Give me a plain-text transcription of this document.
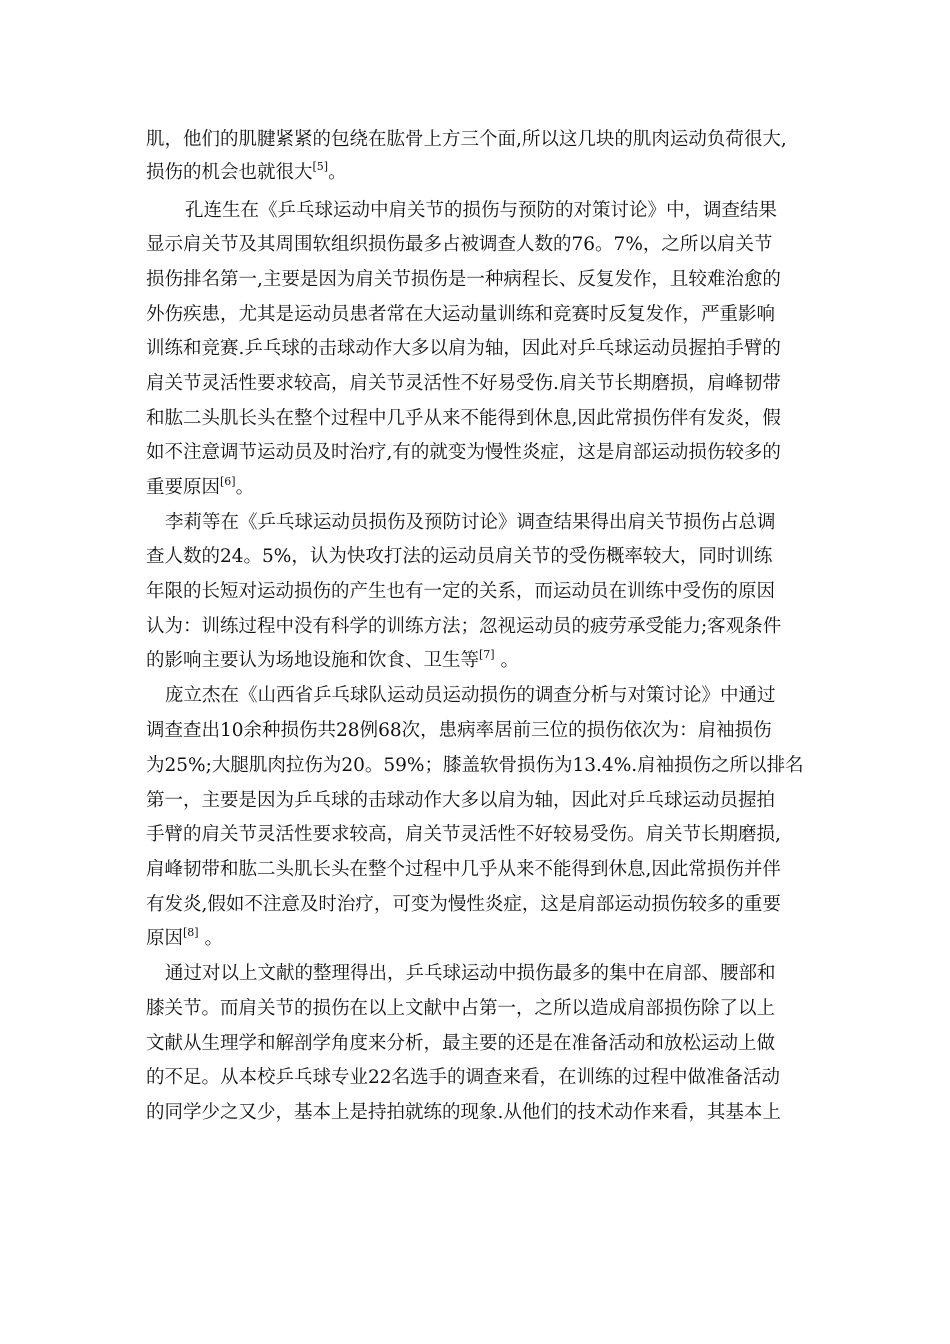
肌，他们的肌腱紧紧的包绕在肱骨上方三个面,所以这几块的肌肉运动负荷很大,

损伤的机会也就很大[5]。

孔连生在《乒乓球运动中肩关节的损伤与预防的对策讨论》中，调查结果

显示肩关节及其周围软组织损伤最多占被调查人数的76。7%，之所以肩关节

损伤排名第一,主要是因为肩关节损伤是一种病程长、反复发作，且较难治愈的

外伤疾患，尤其是运动员患者常在大运动量训练和竞赛时反复发作，严重影响

训练和竞赛.乒乓球的击球动作大多以肩为轴，因此对乒乓球运动员握拍手臂的

肩关节灵活性要求较高，肩关节灵活性不好易受伤.肩关节长期磨损，肩峰韧带

和肱二头肌长头在整个过程中几乎从来不能得到休息,因此常损伤伴有发炎，假

如不注意调节运动员及时治疗,有的就变为慢性炎症，这是肩部运动损伤较多的

重要原因[6]。

李莉等在《乒乓球运动员损伤及预防讨论》调查结果得出肩关节损伤占总调

查人数的24。5%，认为快攻打法的运动员肩关节的受伤概率较大，同时训练

年限的长短对运动损伤的产生也有一定的关系，而运动员在训练中受伤的原因

认为：训练过程中没有科学的训练方法；忽视运动员的疲劳承受能力;客观条件

的影响主要认为场地设施和饮食、卫生等[7] 。

庞立杰在《山西省乒乓球队运动员运动损伤的调查分析与对策讨论》中通过

调查查出10余种损伤共28例68次，患病率居前三位的损伤依次为：肩袖损伤

为25%;大腿肌肉拉伤为20。59%；膝盖软骨损伤为13.4%.肩袖损伤之所以排名

第一，主要是因为乒乓球的击球动作大多以肩为轴，因此对乒乓球运动员握拍

手臂的肩关节灵活性要求较高，肩关节灵活性不好较易受伤。肩关节长期磨损,

肩峰韧带和肱二头肌长头在整个过程中几乎从来不能得到休息,因此常损伤并伴

有发炎,假如不注意及时治疗，可变为慢性炎症，这是肩部运动损伤较多的重要

原因[8] 。

通过对以上文献的整理得出，乒乓球运动中损伤最多的集中在肩部、腰部和

膝关节。而肩关节的损伤在以上文献中占第一，之所以造成肩部损伤除了以上

文献从生理学和解剖学角度来分析，最主要的还是在准备活动和放松运动上做

的不足。从本校乒乓球专业22名选手的调查来看，在训练的过程中做准备活动

的同学少之又少，基本上是持拍就练的现象.从他们的技术动作来看，其基本上
